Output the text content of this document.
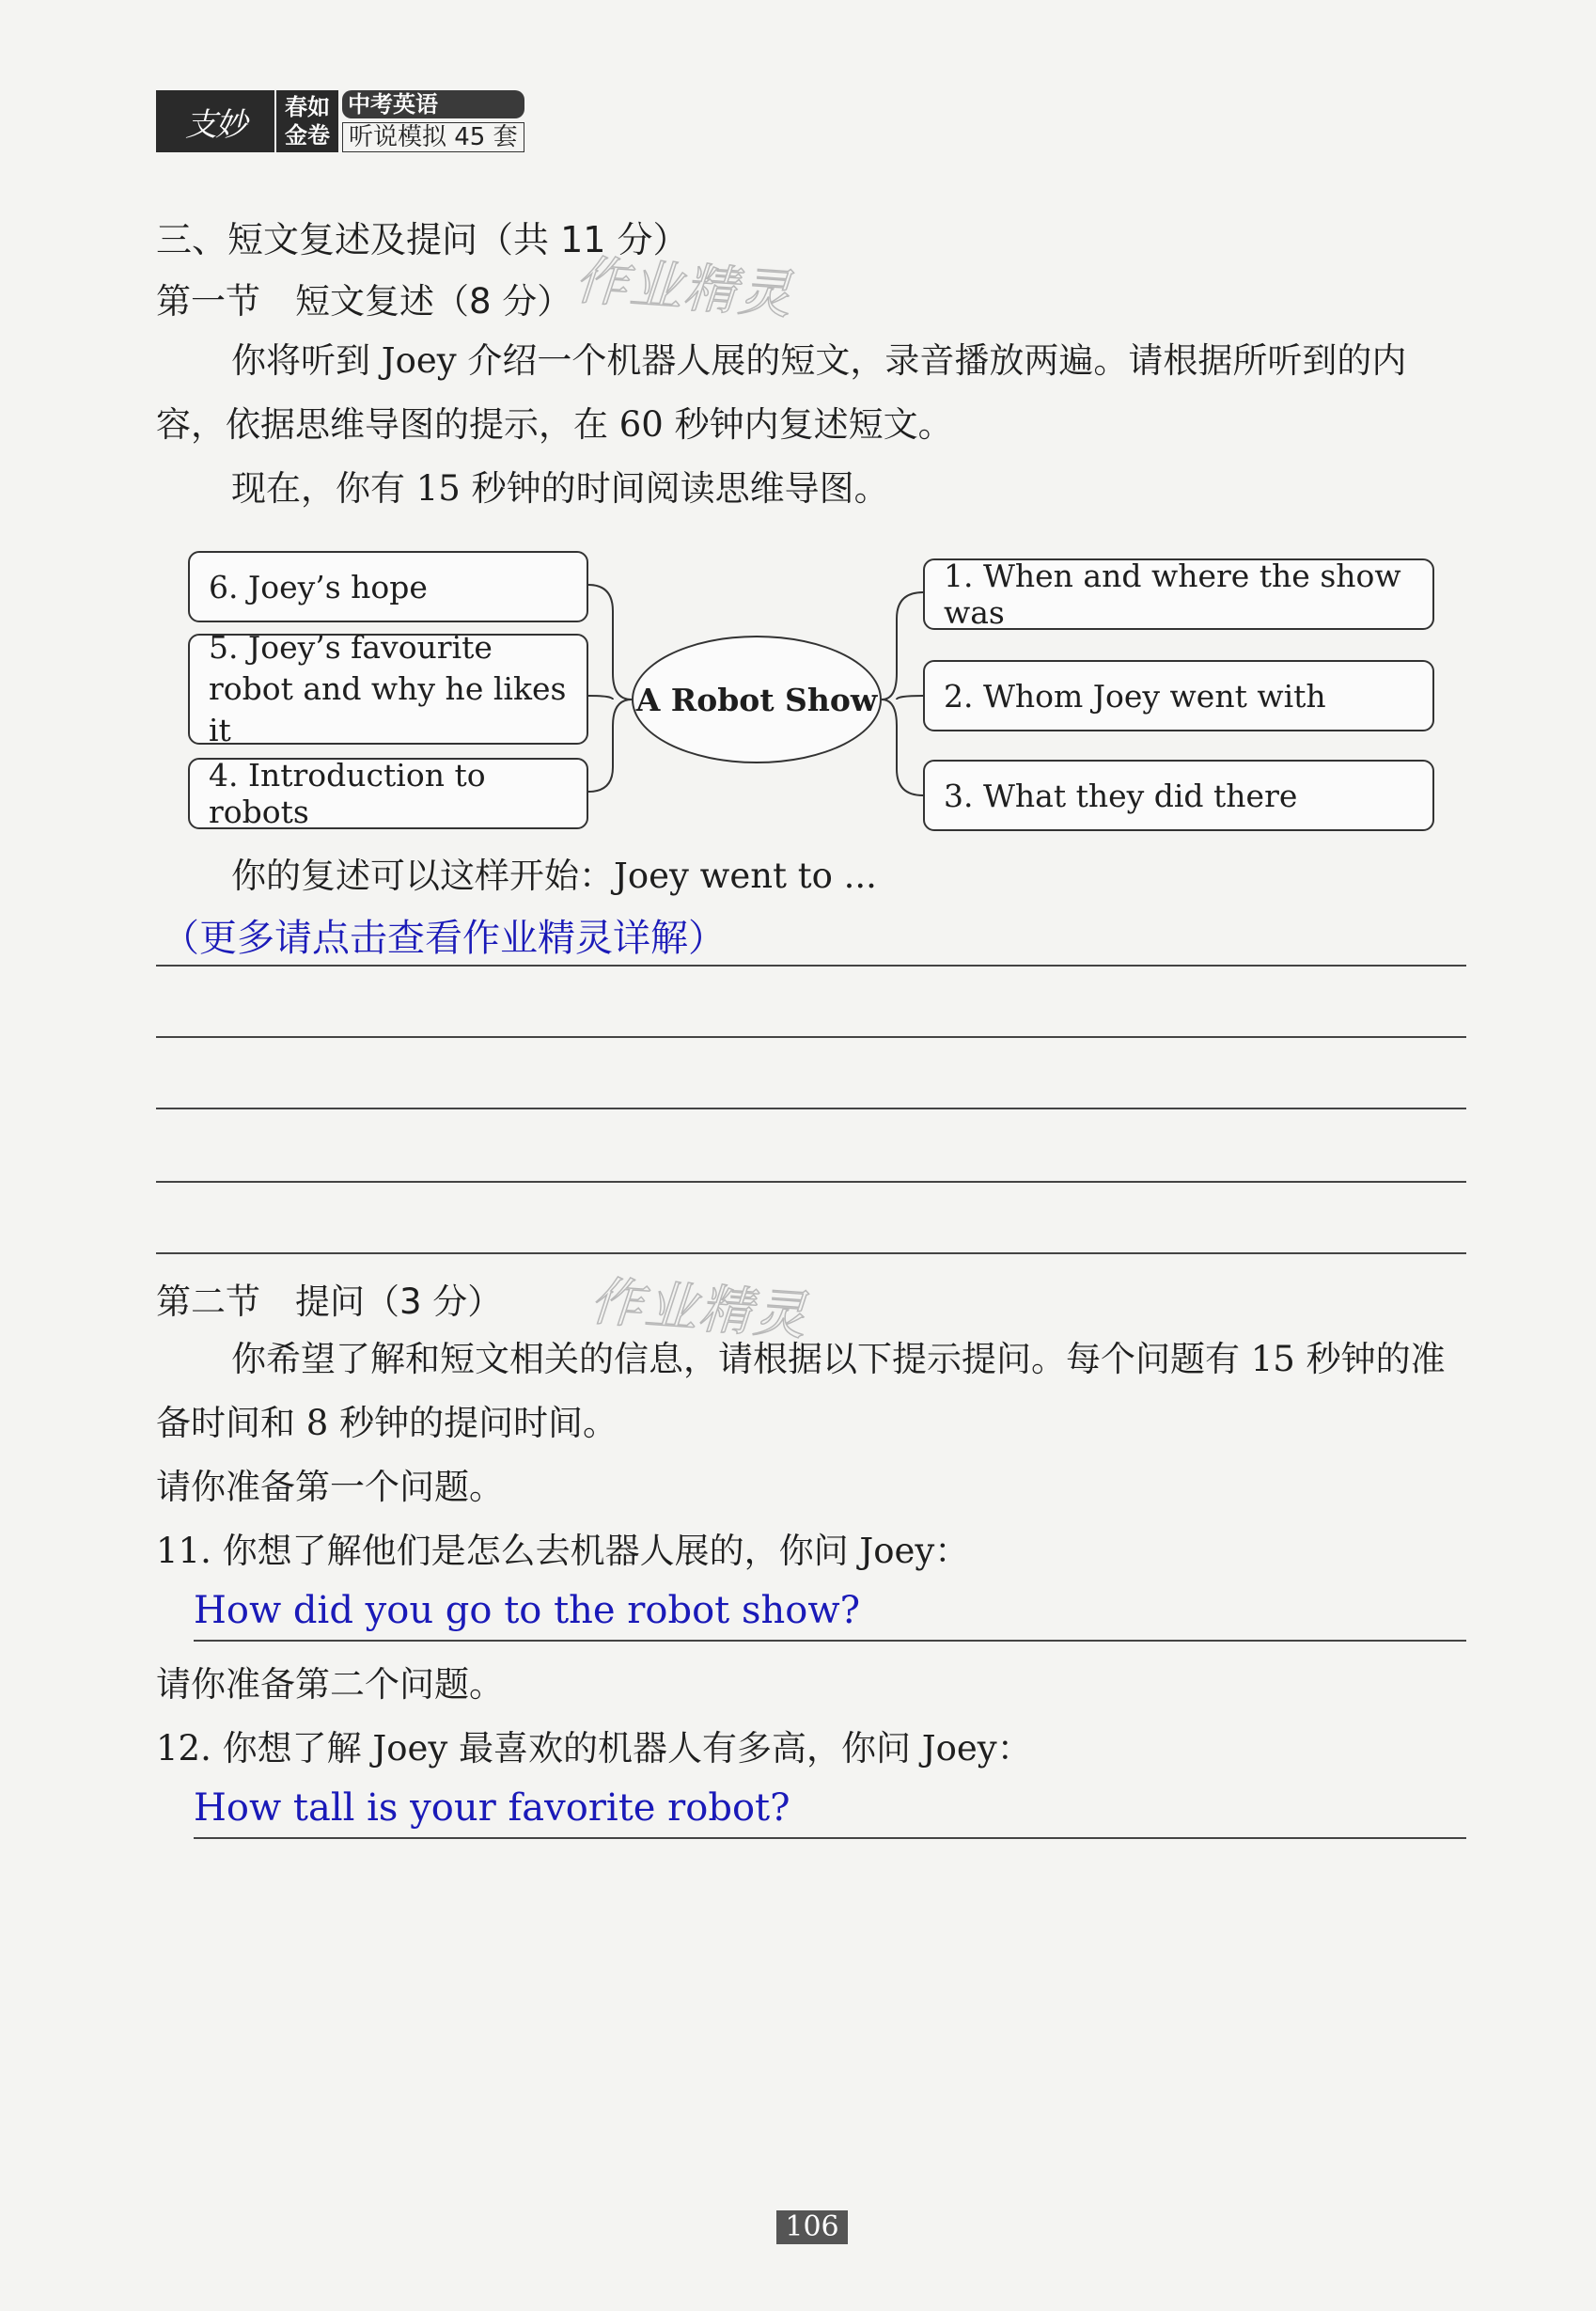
支妙	春如
金卷
中考英语
听说模拟 45 套
三、短文复述及提问（共 11 分）
第一节　短文复述（8 分） 作业精灵
你将听到 Joey 介绍一个机器人展的短文，录音播放两遍。请根据所听到的内容，依据思维导图的提示，在 60 秒钟内复述短文。
现在，你有 15 秒钟的时间阅读思维导图。
6. Joey’s hope
5. Joey’s favourite robot and why he likes it
4. Introduction to robots
A Robot Show
1. When and where the show was
2. Whom Joey went with
3. What they did there
你的复述可以这样开始：Joey went to ...
（更多请点击查看作业精灵详解）
第二节　提问（3 分） 作业精灵
你希望了解和短文相关的信息，请根据以下提示提问。每个问题有 15 秒钟的准备时间和 8 秒钟的提问时间。
请你准备第一个问题。
11. 你想了解他们是怎么去机器人展的，你问 Joey：
How did you go to the robot show?
请你准备第二个问题。
12. 你想了解 Joey 最喜欢的机器人有多高，你问 Joey：
How tall is your favorite robot?
106
